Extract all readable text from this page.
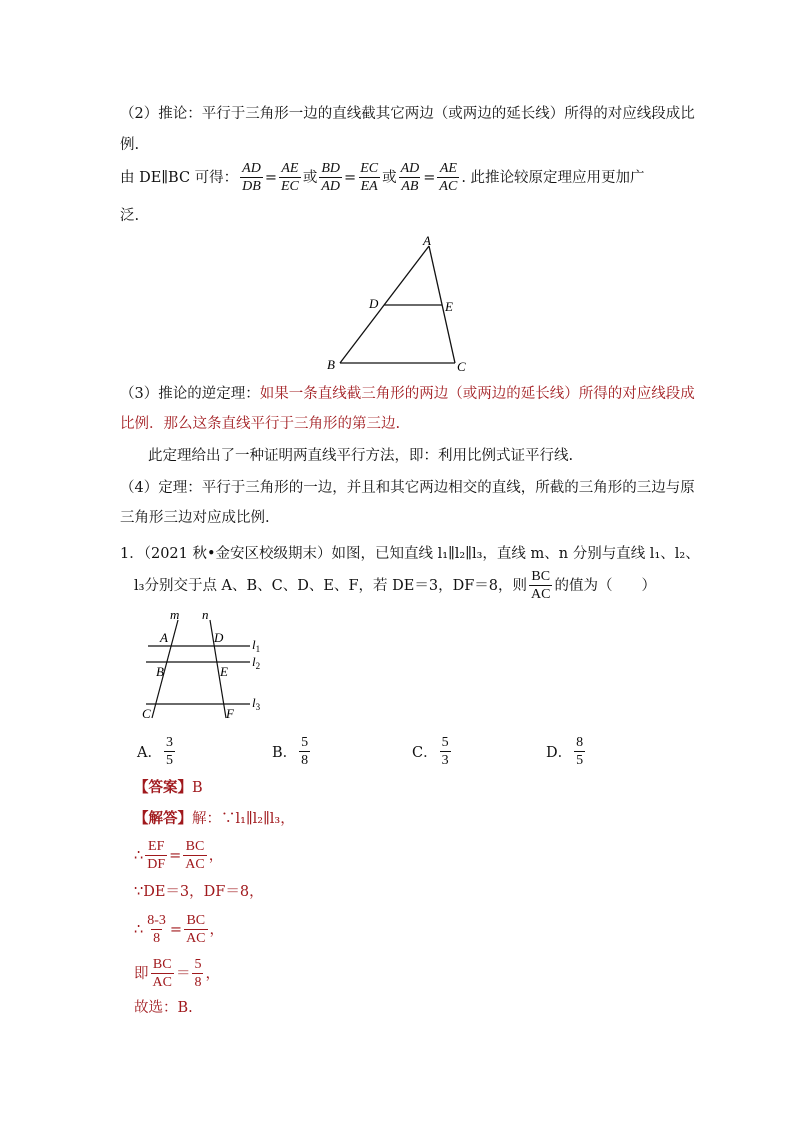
（2）推论：平行于三角形一边的直线截其它两边（或两边的延长线）所得的对应线段成比
例.
由 DE∥BC 可得： $\frac{AD}{DB} = \frac{AE}{EC}$ 或 $\frac{BD}{AD} = \frac{EC}{EA}$ 或 $\frac{AD}{AB} = \frac{AE}{AC}$ . 此推论较原定理应用更加广
泛.
A
D	E
B	C
（3）推论的逆定理：如果一条直线截三角形的两边（或两边的延长线）所得的对应线段成
比例．那么这条直线平行于三角形的第三边.
此定理给出了一种证明两直线平行方法，即：利用比例式证平行线.
（4）定理：平行于三角形的一边，并且和其它两边相交的直线，所截的三角形的三边与原
三角形三边对应成比例.
1．（2021 秋•金安区校级期末）如图，已知直线 l₁∥l₂∥l₃，直线 m、n 分别与直线 l₁、l₂、
l₃分别交于点 A、B、C、D、E、F，若 DE＝3，DF＝8，则 $\frac{BC}{AC}$ 的值为（　　）
m n
A	D
B	E
C	F
$l_1$
$l_2$
$l_3$
A． $\frac{3}{5}$	B． $\frac{5}{8}$	C． $\frac{5}{3}$	D． $\frac{8}{5}$
【答案】B
【解答】解：∵l₁∥l₂∥l₃，
∴ $\frac{EF}{DF} = \frac{BC}{AC}$ ，
∵DE＝3，DF＝8，
∴ $\frac{8-3}{8} = \frac{BC}{AC}$ ，
即 $\frac{BC}{AC} = \frac{5}{8}$ ，
故选：B.
